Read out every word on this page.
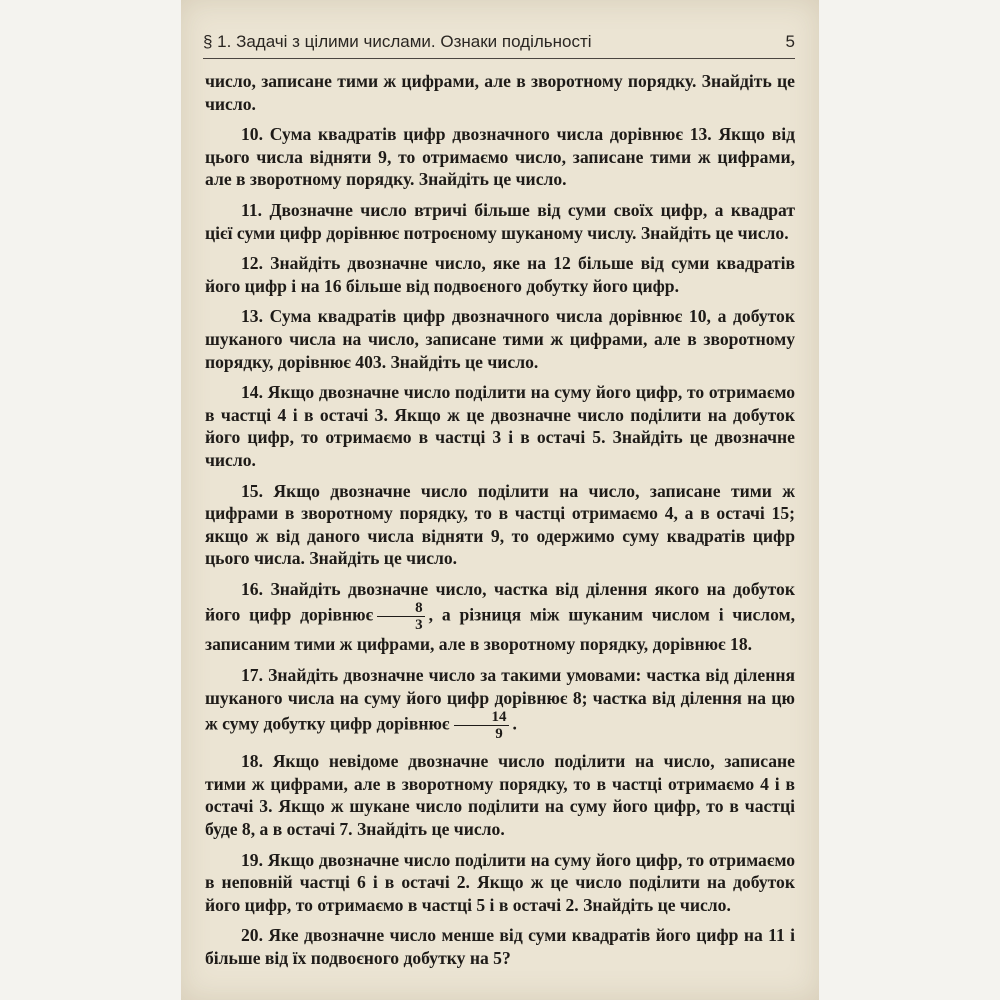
§ 1. Задачі з цілими числами. Ознаки подільності	5

число, записане тими ж цифрами, але в зворотному порядку. Знайдіть це число.

10. Сума квадратів цифр двозначного числа дорівнює 13. Якщо від цього числа відняти 9, то отримаємо число, записане тими ж цифрами, але в зворотному порядку. Знайдіть це число.

11. Двозначне число втричі більше від суми своїх цифр, а квадрат цієї суми цифр дорівнює потроєному шуканому числу. Знайдіть це число.

12. Знайдіть двозначне число, яке на 12 більше від суми квадратів його цифр і на 16 більше від подвоєного добутку його цифр.

13. Сума квадратів цифр двозначного числа дорівнює 10, а добуток шуканого числа на число, записане тими ж цифрами, але в зворотному порядку, дорівнює 403. Знайдіть це число.

14. Якщо двозначне число поділити на суму його цифр, то отримаємо в частці 4 і в остачі 3. Якщо ж це двозначне число поділити на добуток його цифр, то отримаємо в частці 3 і в остачі 5. Знайдіть це двозначне число.

15. Якщо двозначне число поділити на число, записане тими ж цифрами в зворотному порядку, то в частці отримаємо 4, а в остачі 15; якщо ж від даного числа відняти 9, то одержимо суму квадратів цифр цього числа. Знайдіть це число.

16. Знайдіть двозначне число, частка від ділення якого на добуток його цифр дорівнює $\frac{8}{3}$ , а різниця між шуканим числом і числом, записаним тими ж цифрами, але в зворотному порядку, дорівнює 18.

17. Знайдіть двозначне число за такими умовами: частка від ділення шуканого числа на суму його цифр дорівнює 8; частка від ділення на цю ж суму добутку цифр дорівнює $\frac{14}{9}$ .

18. Якщо невідоме двозначне число поділити на число, записане тими ж цифрами, але в зворотному порядку, то в частці отримаємо 4 і в остачі 3. Якщо ж шукане число поділити на суму його цифр, то в частці буде 8, а в остачі 7. Знайдіть це число.

19. Якщо двозначне число поділити на суму його цифр, то отримаємо в неповній частці 6 і в остачі 2. Якщо ж це число поділити на добуток його цифр, то отримаємо в частці 5 і в остачі 2. Знайдіть це число.

20. Яке двозначне число менше від суми квадратів його цифр на 11 і більше від їх подвоєного добутку на 5?
